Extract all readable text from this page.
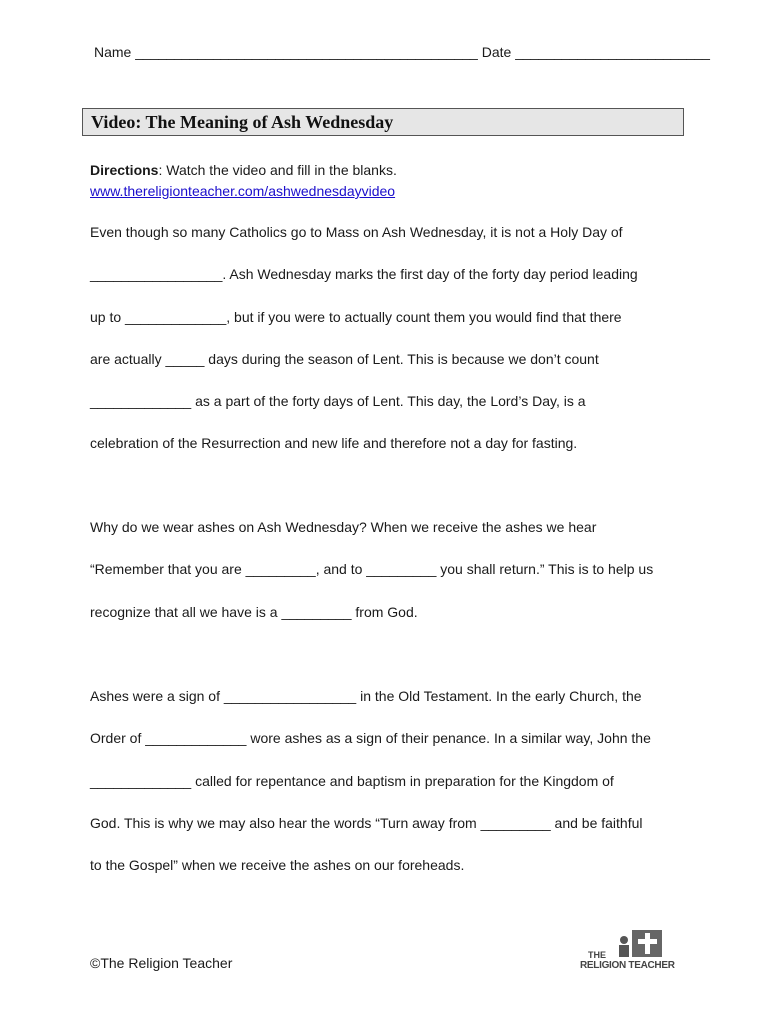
Name ____________________________________________ Date _________________________
Video: The Meaning of Ash Wednesday
Directions: Watch the video and fill in the blanks.
www.thereligionteacher.com/ashwednesdayvideo
Even though so many Catholics go to Mass on Ash Wednesday, it is not a Holy Day of
_________________. Ash Wednesday marks the first day of the forty day period leading
up to _____________, but if you were to actually count them you would find that there
are actually _____ days during the season of Lent. This is because we don’t count
_____________ as a part of the forty days of Lent. This day, the Lord’s Day, is a
celebration of the Resurrection and new life and therefore not a day for fasting.
Why do we wear ashes on Ash Wednesday? When we receive the ashes we hear
“Remember that you are _________, and to _________ you shall return.” This is to help us
recognize that all we have is a _________ from God.
Ashes were a sign of _________________ in the Old Testament. In the early Church, the
Order of _____________ wore ashes as a sign of their penance. In a similar way, John the
_____________ called for repentance and baptism in preparation for the Kingdom of
God. This is why we may also hear the words “Turn away from _________ and be faithful
to the Gospel” when we receive the ashes on our foreheads.
©The Religion Teacher	THE
RELIGION TEACHER
